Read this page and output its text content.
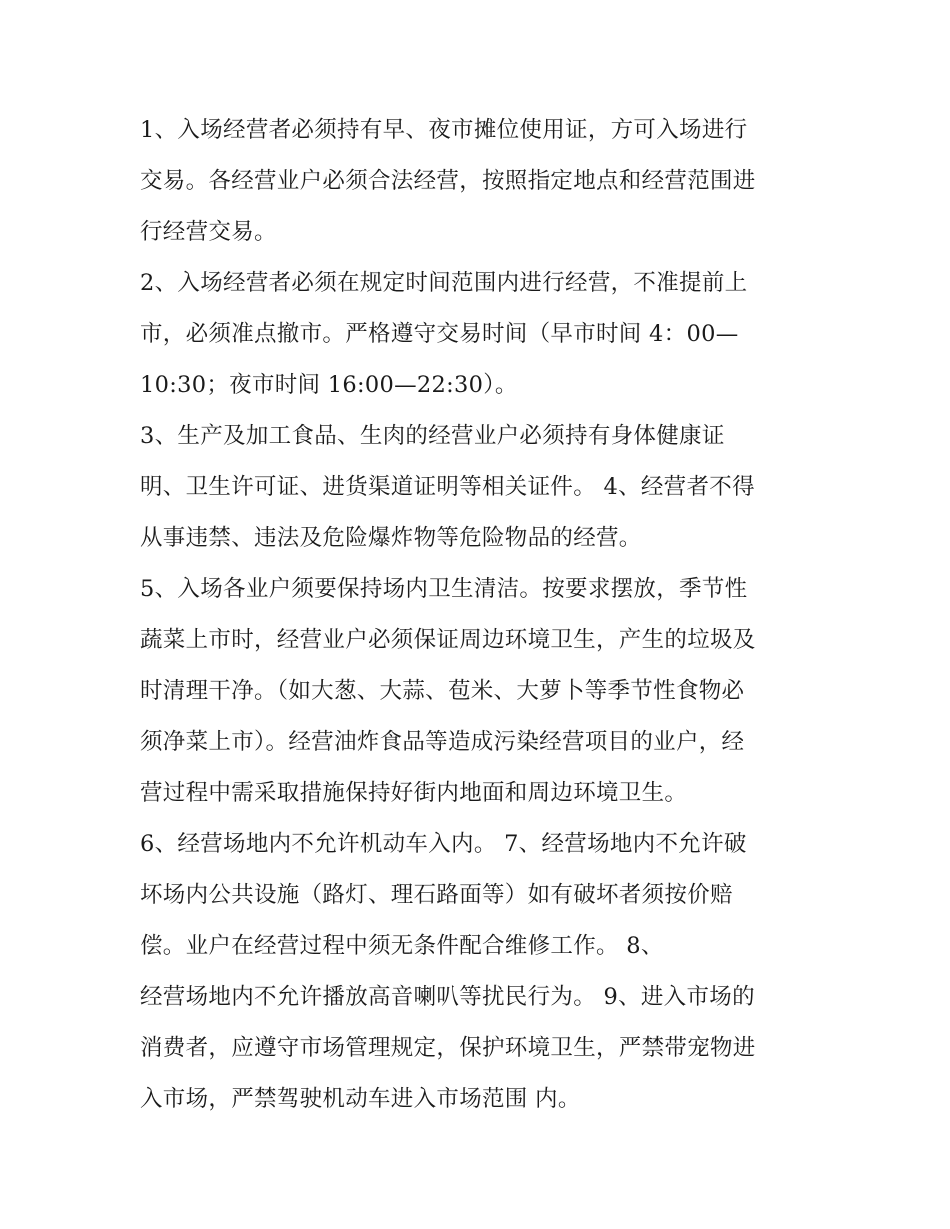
1、入场经营者必须持有早、夜市摊位使用证，方可入场进行
交易。各经营业户必须合法经营，按照指定地点和经营范围进
行经营交易。
2、入场经营者必须在规定时间范围内进行经营，不准提前上
市，必须准点撤市。严格遵守交易时间（早市时间 4：00—
10:30；夜市时间 16:00—22:30）。
3、生产及加工食品、生肉的经营业户必须持有身体健康证
明、卫生许可证、进货渠道证明等相关证件。 4、经营者不得
从事违禁、违法及危险爆炸物等危险物品的经营。
5、入场各业户须要保持场内卫生清洁。按要求摆放，季节性
蔬菜上市时，经营业户必须保证周边环境卫生，产生的垃圾及
时清理干净。（如大葱、大蒜、苞米、大萝卜等季节性食物必
须净菜上市）。经营油炸食品等造成污染经营项目的业户，经
营过程中需采取措施保持好街内地面和周边环境卫生。
6、经营场地内不允许机动车入内。 7、经营场地内不允许破
坏场内公共设施（路灯、理石路面等）如有破坏者须按价赔
偿。业户在经营过程中须无条件配合维修工作。 8、
经营场地内不允许播放高音喇叭等扰民行为。 9、进入市场的
消费者，应遵守市场管理规定，保护环境卫生，严禁带宠物进
入市场，严禁驾驶机动车进入市场范围 内。
